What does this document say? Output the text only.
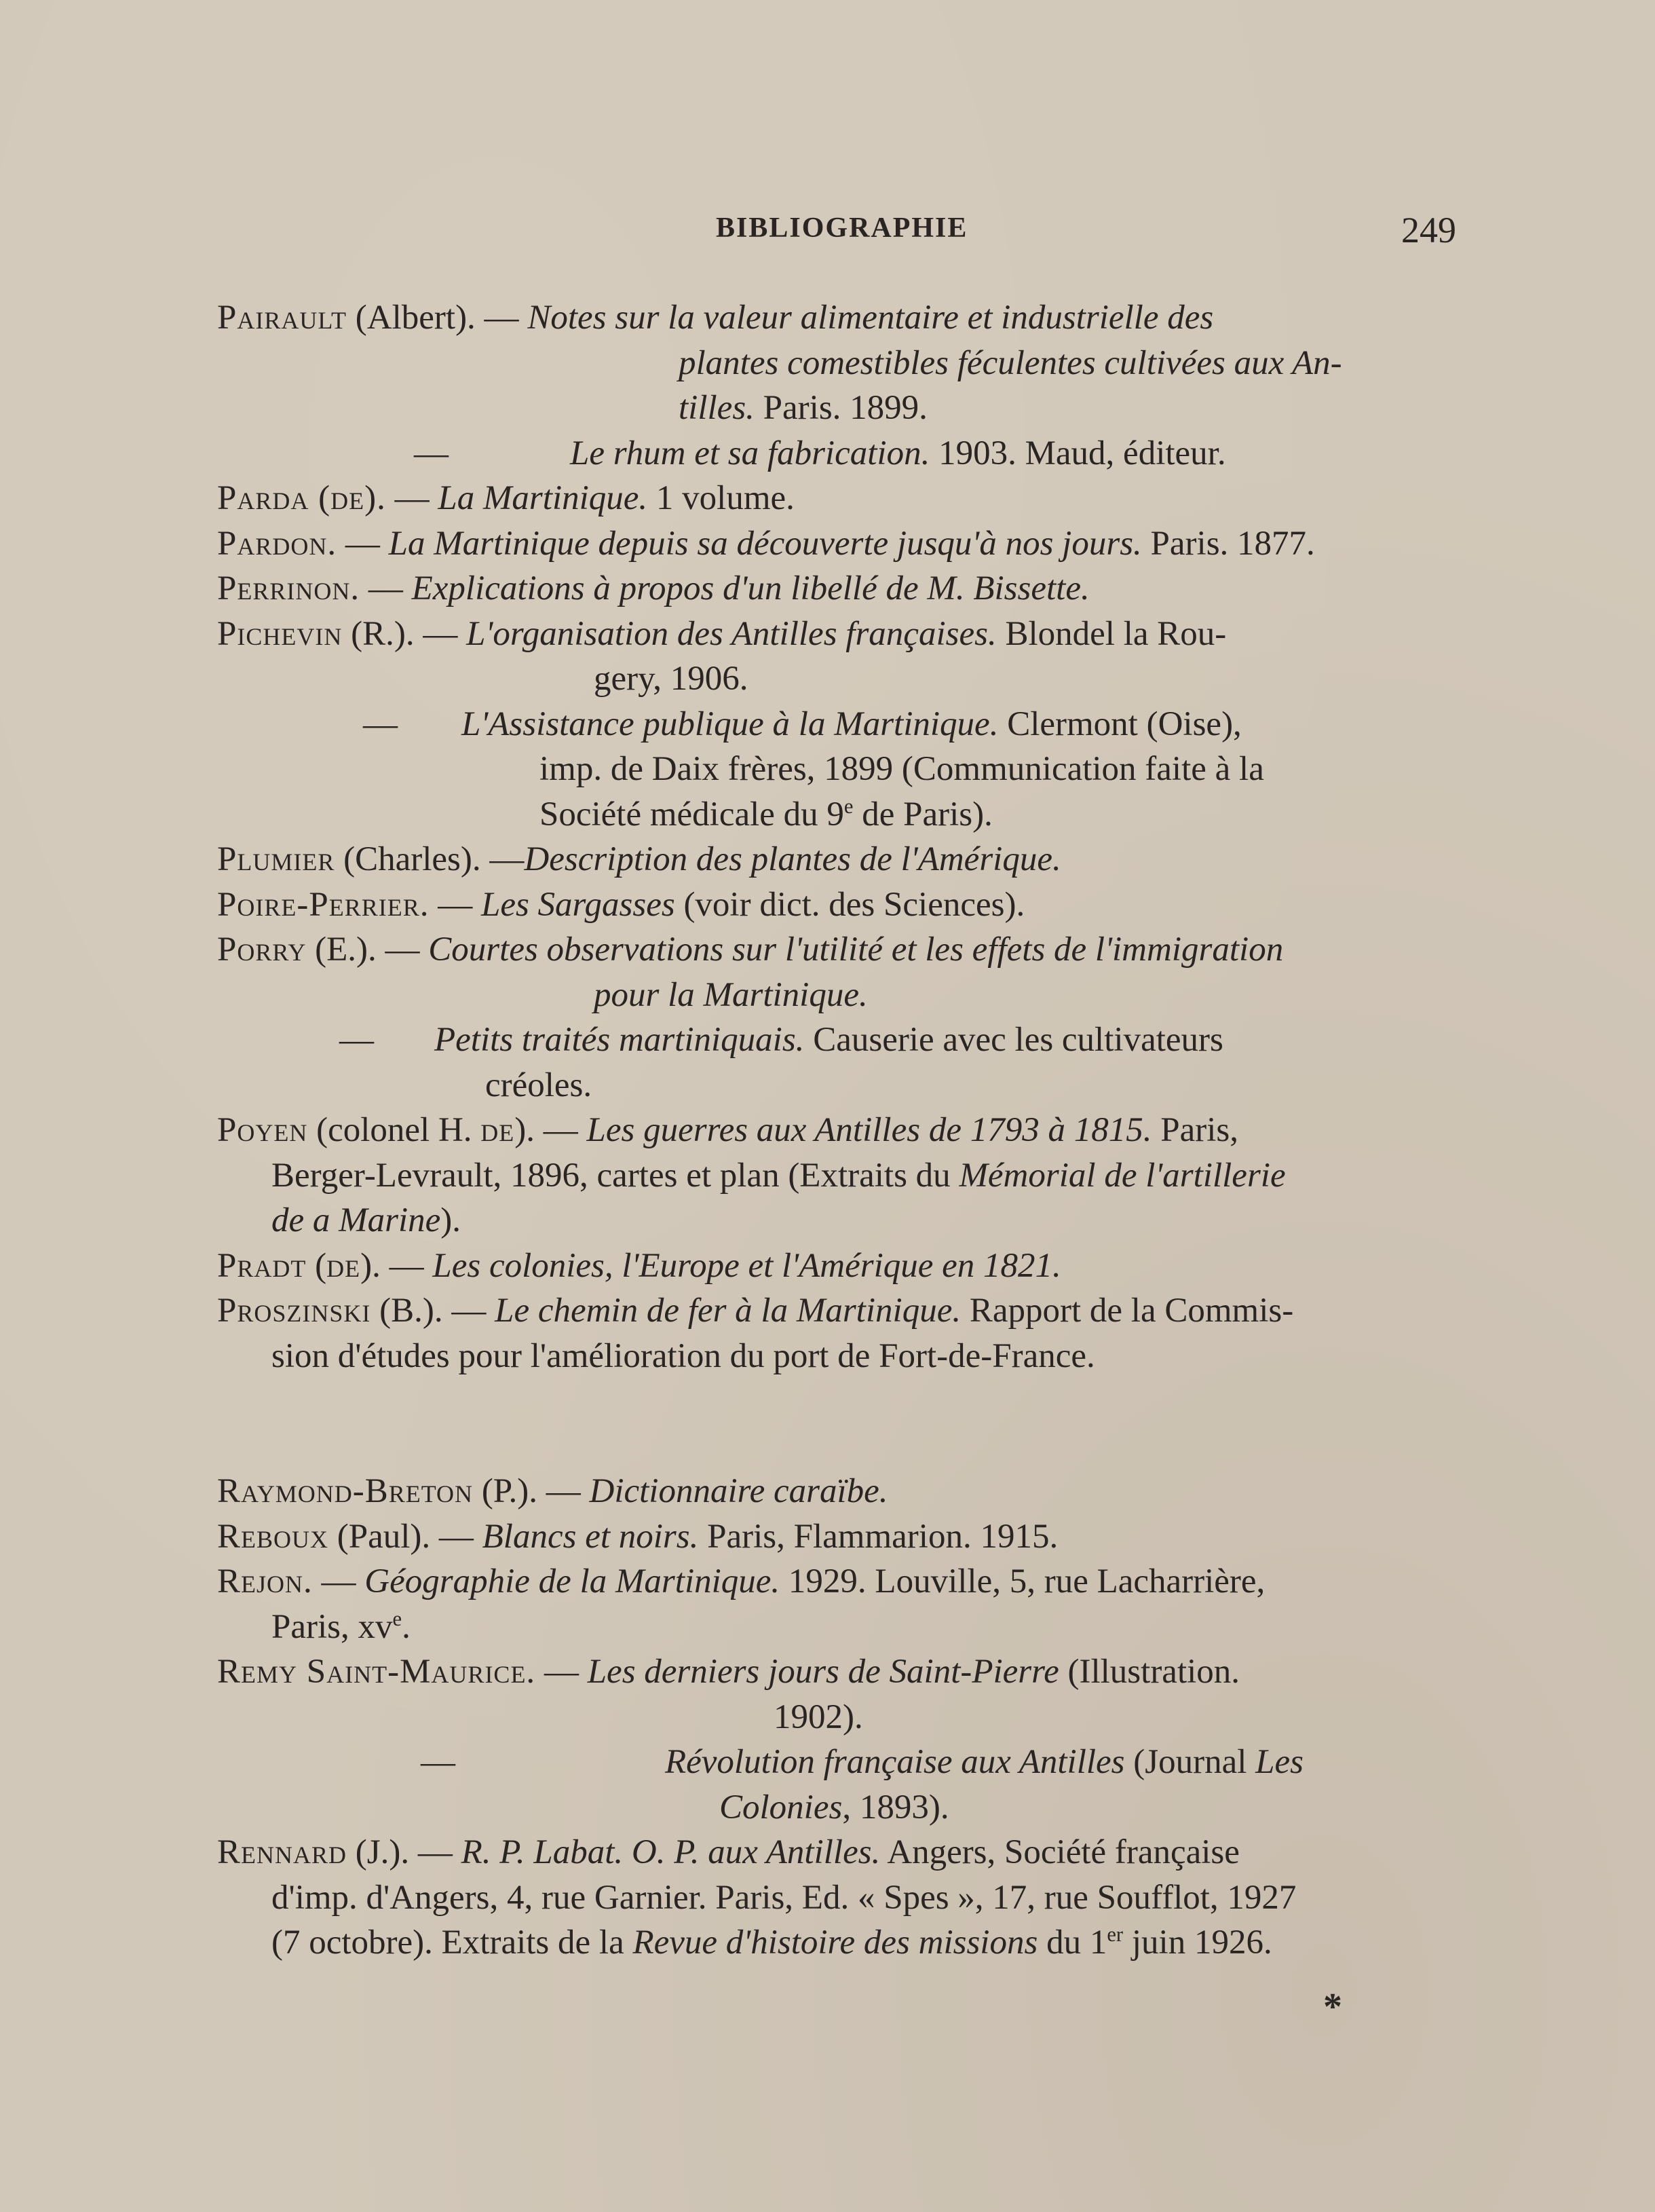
BIBLIOGRAPHIE	249

Pairault (Albert). — Notes sur la valeur alimentaire et industrielle des
plantes comestibles féculentes cultivées aux An-
tilles. Paris. 1899.

—	Le rhum et sa fabrication. 1903. Maud, éditeur.

Parda (de). — La Martinique. 1 volume.

Pardon. — La Martinique depuis sa découverte jusqu'à nos jours. Paris. 1877.

Perrinon. — Explications à propos d'un libellé de M. Bissette.

Pichevin (R.). — L'organisation des Antilles françaises. Blondel la Rou-
gery, 1906.

— L'Assistance publique à la Martinique. Clermont (Oise),
imp. de Daix frères, 1899 (Communication faite à la
Société médicale du 9e de Paris).

Plumier (Charles). —Description des plantes de l'Amérique.

Poire-Perrier. — Les Sargasses (voir dict. des Sciences).

Porry (E.). — Courtes observations sur l'utilité et les effets de l'immigration
pour la Martinique.

— Petits traités martiniquais. Causerie avec les cultivateurs
créoles.

Poyen (colonel H. de). — Les guerres aux Antilles de 1793 à 1815. Paris,
Berger-Levrault, 1896, cartes et plan (Extraits du Mémorial de l'artillerie
de a Marine).

Pradt (de). — Les colonies, l'Europe et l'Amérique en 1821.

Proszinski (B.). — Le chemin de fer à la Martinique. Rapport de la Commis-
sion d'études pour l'amélioration du port de Fort-de-France.

Raymond-Breton (P.). — Dictionnaire caraïbe.

Reboux (Paul). — Blancs et noirs. Paris, Flammarion. 1915.

Rejon. — Géographie de la Martinique. 1929. Louville, 5, rue Lacharrière,
Paris, $xv^e$.

Remy Saint-Maurice. — Les derniers jours de Saint-Pierre (Illustration.
1902).

—	Révolution française aux Antilles (Journal Les
Colonies, 1893).

Rennard (J.). — R. P. Labat. O. P. aux Antilles. Angers, Société française
d'imp. d'Angers, 4, rue Garnier. Paris, Ed. « Spes », 17, rue Soufflot, 1927
(7 octobre). Extraits de la Revue d'histoire des missions du 1er juin 1926.

*
